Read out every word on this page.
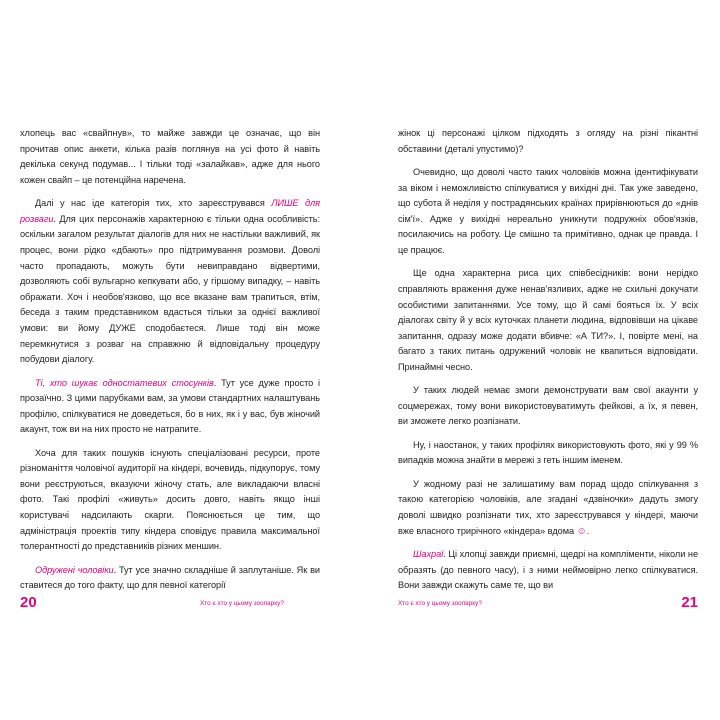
хлопець вас «свайпнув», то майже завжди це означає, що він прочитав опис анкети, кілька разів поглянув на усі фото й навіть декілька секунд подумав... І тільки тоді «залайкав», адже для нього кожен свайп – це потенційна наречена.

Далі у нас іде категорія тих, хто зареєструвався ЛИШЕ для розваги. Для цих персонажів характерною є тільки одна особливість: оскільки загалом результат діалогів для них не настільки важливий, як процес, вони рідко «дбають» про підтримування розмови. Доволі часто пропадають, можуть бути невиправдано відвертими, дозволяють собі вульгарно кепкувати або, у гіршому випадку, – навіть ображати. Хоч і необов'язково, що все вказане вам трапиться, втім, беседа з таким представником вдасться тільки за однієї важливої умови: ви йому ДУЖЕ сподобаєтеся. Лише тоді він може перемкнутися з розваг на справжню й відповідальну процедуру побудови діалогу.

Ті, хто шукає одностатевих стосунків. Тут усе дуже просто і прозаїчно. З цими парубками вам, за умови стандартних налаштувань профілю, спілкуватися не доведеться, бо в них, як і у вас, був жіночий акаунт, тож ви на них просто не натрапите.

Хоча для таких пошуків існують спеціалізовані ресурси, проте різноманіття чоловічої аудиторії на кіндері, вочевидь, підкупорує, тому вони реєструються, вказуючи жіночу стать, але викладаючи власні фото. Такі профілі «живуть» досить довго, навіть якщо інші користувачі надсилають скарги. Пояснюється це тим, що адміністрація проектів типу кіндера сповідує правила максимальної толерантності до представників різних меншин.

Одружені чоловіки. Тут усе значно складніше й заплутаніше. Як ви ставитеся до того факту, що для певної категорії

жінок ці персонажі цілком підходять з огляду на різні пікантні обставини (деталі упустимо)?

Очевидно, що доволі часто таких чоловіків можна ідентифікувати за віком і неможливістю спілкуватися у вихідні дні. Так уже заведено, що субота й неділя у пострадянських країнах прирівнюються до «днів сім'ї». Адже у вихідні нереально уникнути подружніх обов'язків, посилаючись на роботу. Це смішно та примітивно, однак це правда. І це працює.

Ще одна характерна риса цих співбесідників: вони нерідко справляють враження дуже ненав'язливих, адже не схильні докучати особистими запитаннями. Усе тому, що й самі бояться їх. У всіх діалогах світу й у всіх куточках планети людина, відповівши на цікаве запитання, одразу може додати вбивче: «А ТИ?». І, повірте мені, на багато з таких питань одружений чоловік не квапиться відповідати. Принаймні чесно.

У таких людей немає змоги демонструвати вам свої акаунти у соцмережах, тому вони використовуватимуть фейкові, а їх, я певен, ви зможете легко розпізнати.

Ну, і наостанок, у таких профілях використовують фото, які у 99 % випадків можна знайти в мережі з геть іншим іменем.

У жодному разі не залишатиму вам порад щодо спілкування з такою категорією чоловіків, але згадані «дзвіночки» дадуть змогу доволі швидко розпізнати тих, хто зареєструвався у кіндері, маючи вже власного трирічного «кіндера» вдома ☺.

Шахраї. Ці хлопці завжди приємні, щедрі на компліменти, ніколи не образять (до певного часу), і з ними неймовірно легко спілкуватися. Вони завжди скажуть саме те, що ви

20	Хто є хто у цьому зоопарку?	Хто є хто у цьому зоопарку?	21
